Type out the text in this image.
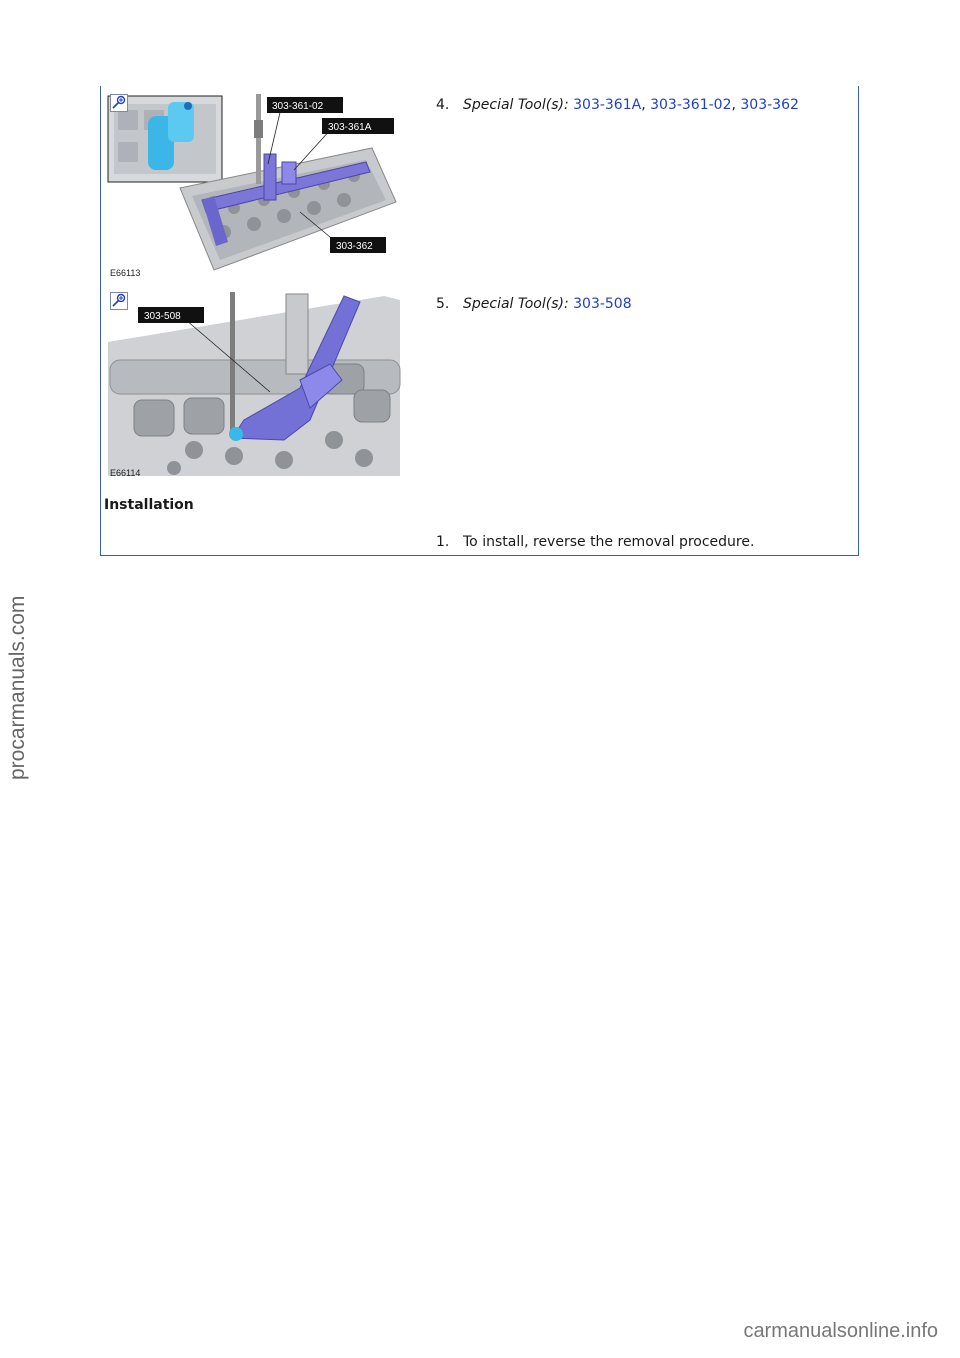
303-361-02
303-361A
303-362
E66113
4. Special Tool(s): 303-361A, 303-361-02, 303-362
303-508
E66114
5. Special Tool(s): 303-508
Installation
1. To install, reverse the removal procedure.
procarmanuals.com
carmanualsonline.info
